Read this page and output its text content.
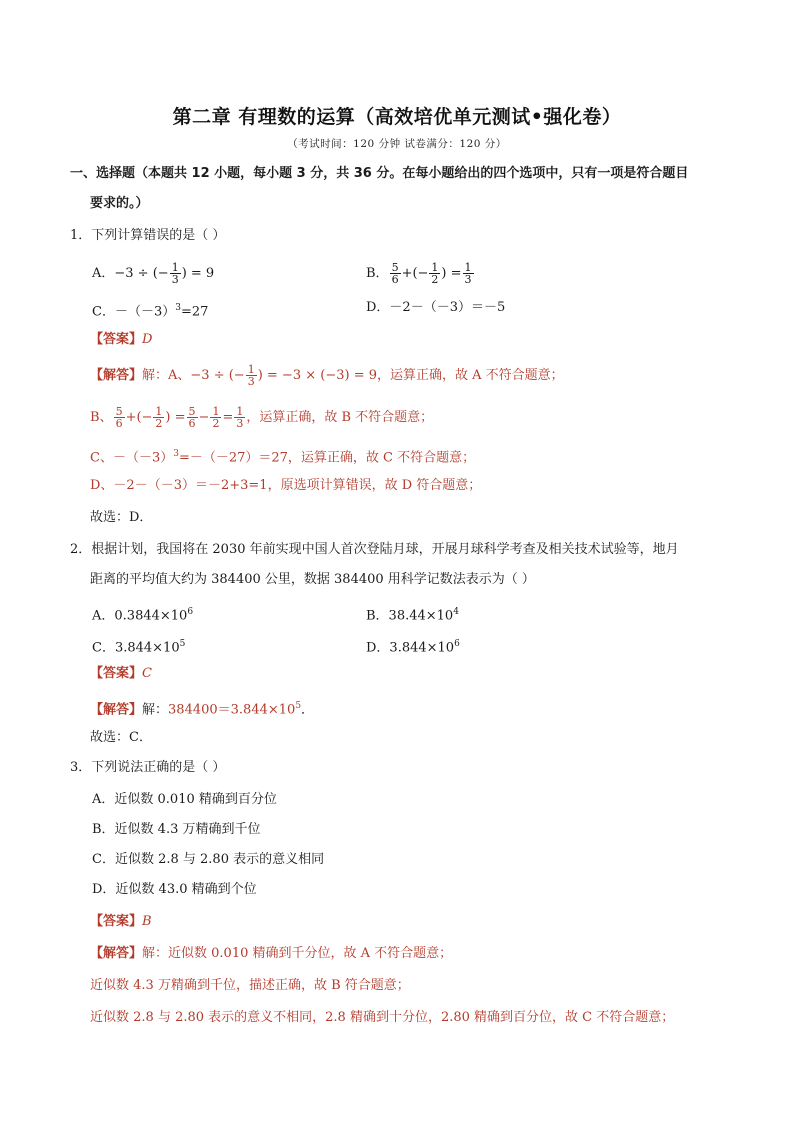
第二章 有理数的运算（高效培优单元测试•强化卷）
（考试时间：120 分钟 试卷满分：120 分）
一、选择题（本题共 12 小题，每小题 3 分，共 36 分。在每小题给出的四个选项中，只有一项是符合题目
要求的。）
1．下列计算错误的是（ ）
A．−3 ÷ (− $\frac{1}{3}$ ) = 9	B． $\frac{5}{6}$ +(− $\frac{1}{2}$ ) = $\frac{1}{3}$
C．$-(-3)^3=27$	D．－2－（－3）＝－5
【答案】D
【解答】解：A、−3 ÷ (− $\frac{1}{3}$ ) = −3 × (−3) = 9，运算正确，故 A 不符合题意；
B、 $\frac{5}{6}$ +(− $\frac{1}{2}$ ) = $\frac{5}{6} - \frac{1}{2} = \frac{1}{3}$ ，运算正确，故 B 不符合题意；
C、$-(-3)^3=-(-27)=27$，运算正确，故 C 不符合题意；
D、－2－（－3）＝－2+3=1，原选项计算错误，故 D 符合题意；
故选：D．
2．根据计划，我国将在 2030 年前实现中国人首次登陆月球，开展月球科学考查及相关技术试验等，地月
距离的平均值大约为 384400 公里，数据 384400 用科学记数法表示为（ ）
A．$0.3844\times 10^6$	B．$38.44\times 10^4$
C．$3.844\times 10^5$	D．$3.844\times 10^6$
【答案】C
【解答】解：$384400=3.844\times 10^5$．
故选：C．
3．下列说法正确的是（ ）
A．近似数 0.010 精确到百分位
B．近似数 4.3 万精确到千位
C．近似数 2.8 与 2.80 表示的意义相同
D．近似数 43.0 精确到个位
【答案】B
【解答】解：近似数 0.010 精确到千分位，故 A 不符合题意；
近似数 4.3 万精确到千位，描述正确，故 B 符合题意；
近似数 2.8 与 2.80 表示的意义不相同，2.8 精确到十分位，2.80 精确到百分位，故 C 不符合题意；
